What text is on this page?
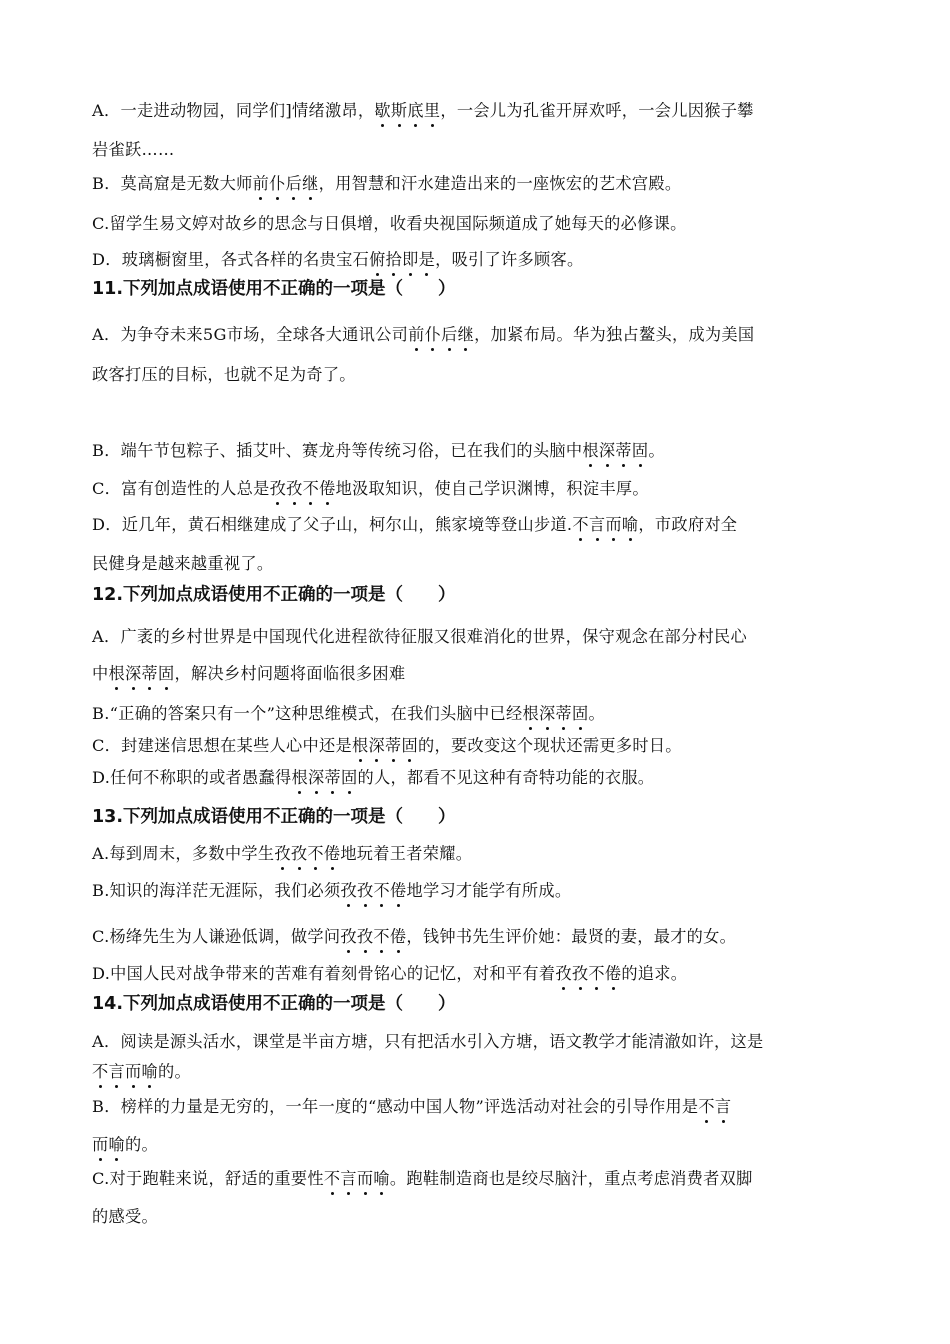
A．一走进动物园，同学们]情绪激昂，歇斯底里，一会儿为孔雀开屏欢呼，一会儿因猴子攀
岩雀跃……
B．莫高窟是无数大师前仆后继，用智慧和汗水建造出来的一座恢宏的艺术宫殿。
C.留学生易文婷对故乡的思念与日俱增，收看央视国际频道成了她每天的必修课。
D．玻璃橱窗里，各式各样的名贵宝石俯拾即是，吸引了许多顾客。
11.下列加点成语使用不正确的一项是（　　）
A．为争夺未来5G市场，全球各大通讯公司前仆后继，加紧布局。华为独占鳌头，成为美国
政客打压的目标，也就不足为奇了。
B．端午节包粽子、插艾叶、赛龙舟等传统习俗，已在我们的头脑中根深蒂固。
C．富有创造性的人总是孜孜不倦地汲取知识，使自己学识渊博，积淀丰厚。
D．近几年，黄石相继建成了父子山，柯尔山，熊家境等登山步道.不言而喻，市政府对全
民健身是越来越重视了。
12.下列加点成语使用不正确的一项是（　　）
A．广袤的乡村世界是中国现代化进程欲待征服又很难消化的世界，保守观念在部分村民心
中根深蒂固，解决乡村问题将面临很多困难
B.“正确的答案只有一个”这种思维模式，在我们头脑中已经根深蒂固。
C．封建迷信思想在某些人心中还是根深蒂固的，要改变这个现状还需更多时日。
D.任何不称职的或者愚蠢得根深蒂固的人，都看不见这种有奇特功能的衣服。
13.下列加点成语使用不正确的一项是（　　）
A.每到周末，多数中学生孜孜不倦地玩着王者荣耀。
B.知识的海洋茫无涯际，我们必须孜孜不倦地学习才能学有所成。
C.杨绛先生为人谦逊低调，做学问孜孜不倦，钱钟书先生评价她：最贤的妻，最才的女。
D.中国人民对战争带来的苦难有着刻骨铭心的记忆，对和平有着孜孜不倦的追求。
14.下列加点成语使用不正确的一项是（　　）
A．阅读是源头活水，课堂是半亩方塘，只有把活水引入方塘，语文教学才能清澈如许，这是
不言而喻的。
B．榜样的力量是无穷的，一年一度的“感动中国人物”评选活动对社会的引导作用是不言
而喻的。
C.对于跑鞋来说，舒适的重要性不言而喻。跑鞋制造商也是绞尽脑汁，重点考虑消费者双脚
的感受。
